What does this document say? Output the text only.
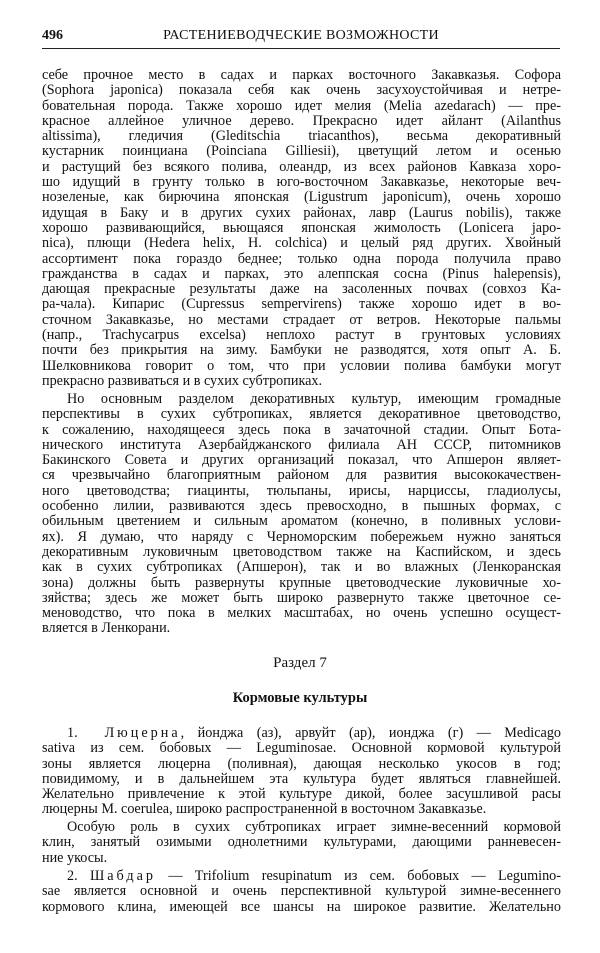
496	РАСТЕНИЕВОДЧЕСКИЕ ВОЗМОЖНОСТИ
себе прочное место в садах и парках восточного Закавказья. Софора
(Sophora japonica) показала себя как очень засухоустойчивая и нетре-
бовательная порода. Также хорошо идет мелия (Melia azedarach) — пре-
красное аллейное уличное дерево. Прекрасно идет айлант (Ailanthus
altissima), гледичия (Gleditschia triacanthos), весьма декоративный
кустарник поинциана (Poinciana Gilliesii), цветущий летом и осенью
и растущий без всякого полива, олеандр, из всех районов Кавказа хоро-
шо идущий в грунту только в юго-восточном Закавказье, некоторые веч-
нозеленые, как бирючина японская (Ligustrum japonicum), очень хорошо
идущая в Баку и в других сухих районах, лавр (Laurus nobilis), также
хорошо развивающийся, вьющаяся японская жимолость (Lonicera japo-
nica), плющи (Hedera helix, H. colchica) и целый ряд других. Хвойный
ассортимент пока гораздо беднее; только одна порода получила право
гражданства в садах и парках, это алеппская сосна (Pinus halepensis),
дающая прекрасные результаты даже на засоленных почвах (совхоз Ка-
ра-чала). Кипарис (Cupressus sempervirens) также хорошо идет в во-
сточном Закавказье, но местами страдает от ветров. Некоторые пальмы
(напр., Trachycarpus excelsa) неплохо растут в грунтовых условиях
почти без прикрытия на зиму. Бамбуки не разводятся, хотя опыт А. Б.
Шелковникова говорит о том, что при условии полива бамбуки могут
прекрасно развиваться и в сухих субтропиках.
Но основным разделом декоративных культур, имеющим громадные
перспективы в сухих субтропиках, является декоративное цветоводство,
к сожалению, находящееся здесь пока в зачаточной стадии. Опыт Бота-
нического института Азербайджанского филиала АН СССР, питомников
Бакинского Совета и других организаций показал, что Апшерон являет-
ся чрезвычайно благоприятным районом для развития высококачествен-
ного цветоводства; гиацинты, тюльпаны, ирисы, нарциссы, гладиолусы,
особенно лилии, развиваются здесь превосходно, в пышных формах, с
обильным цветением и сильным ароматом (конечно, в поливных услови-
ях). Я думаю, что наряду с Черноморским побережьем нужно заняться
декоративным луковичным цветоводством также на Каспийском, и здесь
как в сухих субтропиках (Апшерон), так и во влажных (Ленкоранская
зона) должны быть развернуты крупные цветоводческие луковичные хо-
зяйства; здесь же может быть широко развернуто также цветочное се-
меноводство, что пока в мелких масштабах, но очень успешно осущест-
вляется в Ленкорани.
Раздел 7
Кормовые культуры
1. Люцерна, йонджа (аз), арвуйт (ар), ионджа (г) — Medicago
sativa из сем. бобовых — Leguminosae. Основной кормовой культурой
зоны является люцерна (поливная), дающая несколько укосов в год;
повидимому, и в дальнейшем эта культура будет являться главнейшей.
Желательно привлечение к этой культуре дикой, более засушливой расы
люцерны M. coerulea, широко распространенной в восточном Закавказье.
Особую роль в сухих субтропиках играет зимне-весенний кормовой
клин, занятый озимыми однолетними культурами, дающими ранневесен-
ние укосы.
2. Шабдар — Trifolium resupinatum из сем. бобовых — Legumino-
sae является основной и очень перспективной культурой зимне-весеннего
кормового клина, имеющей все шансы на широкое развитие. Желательно
